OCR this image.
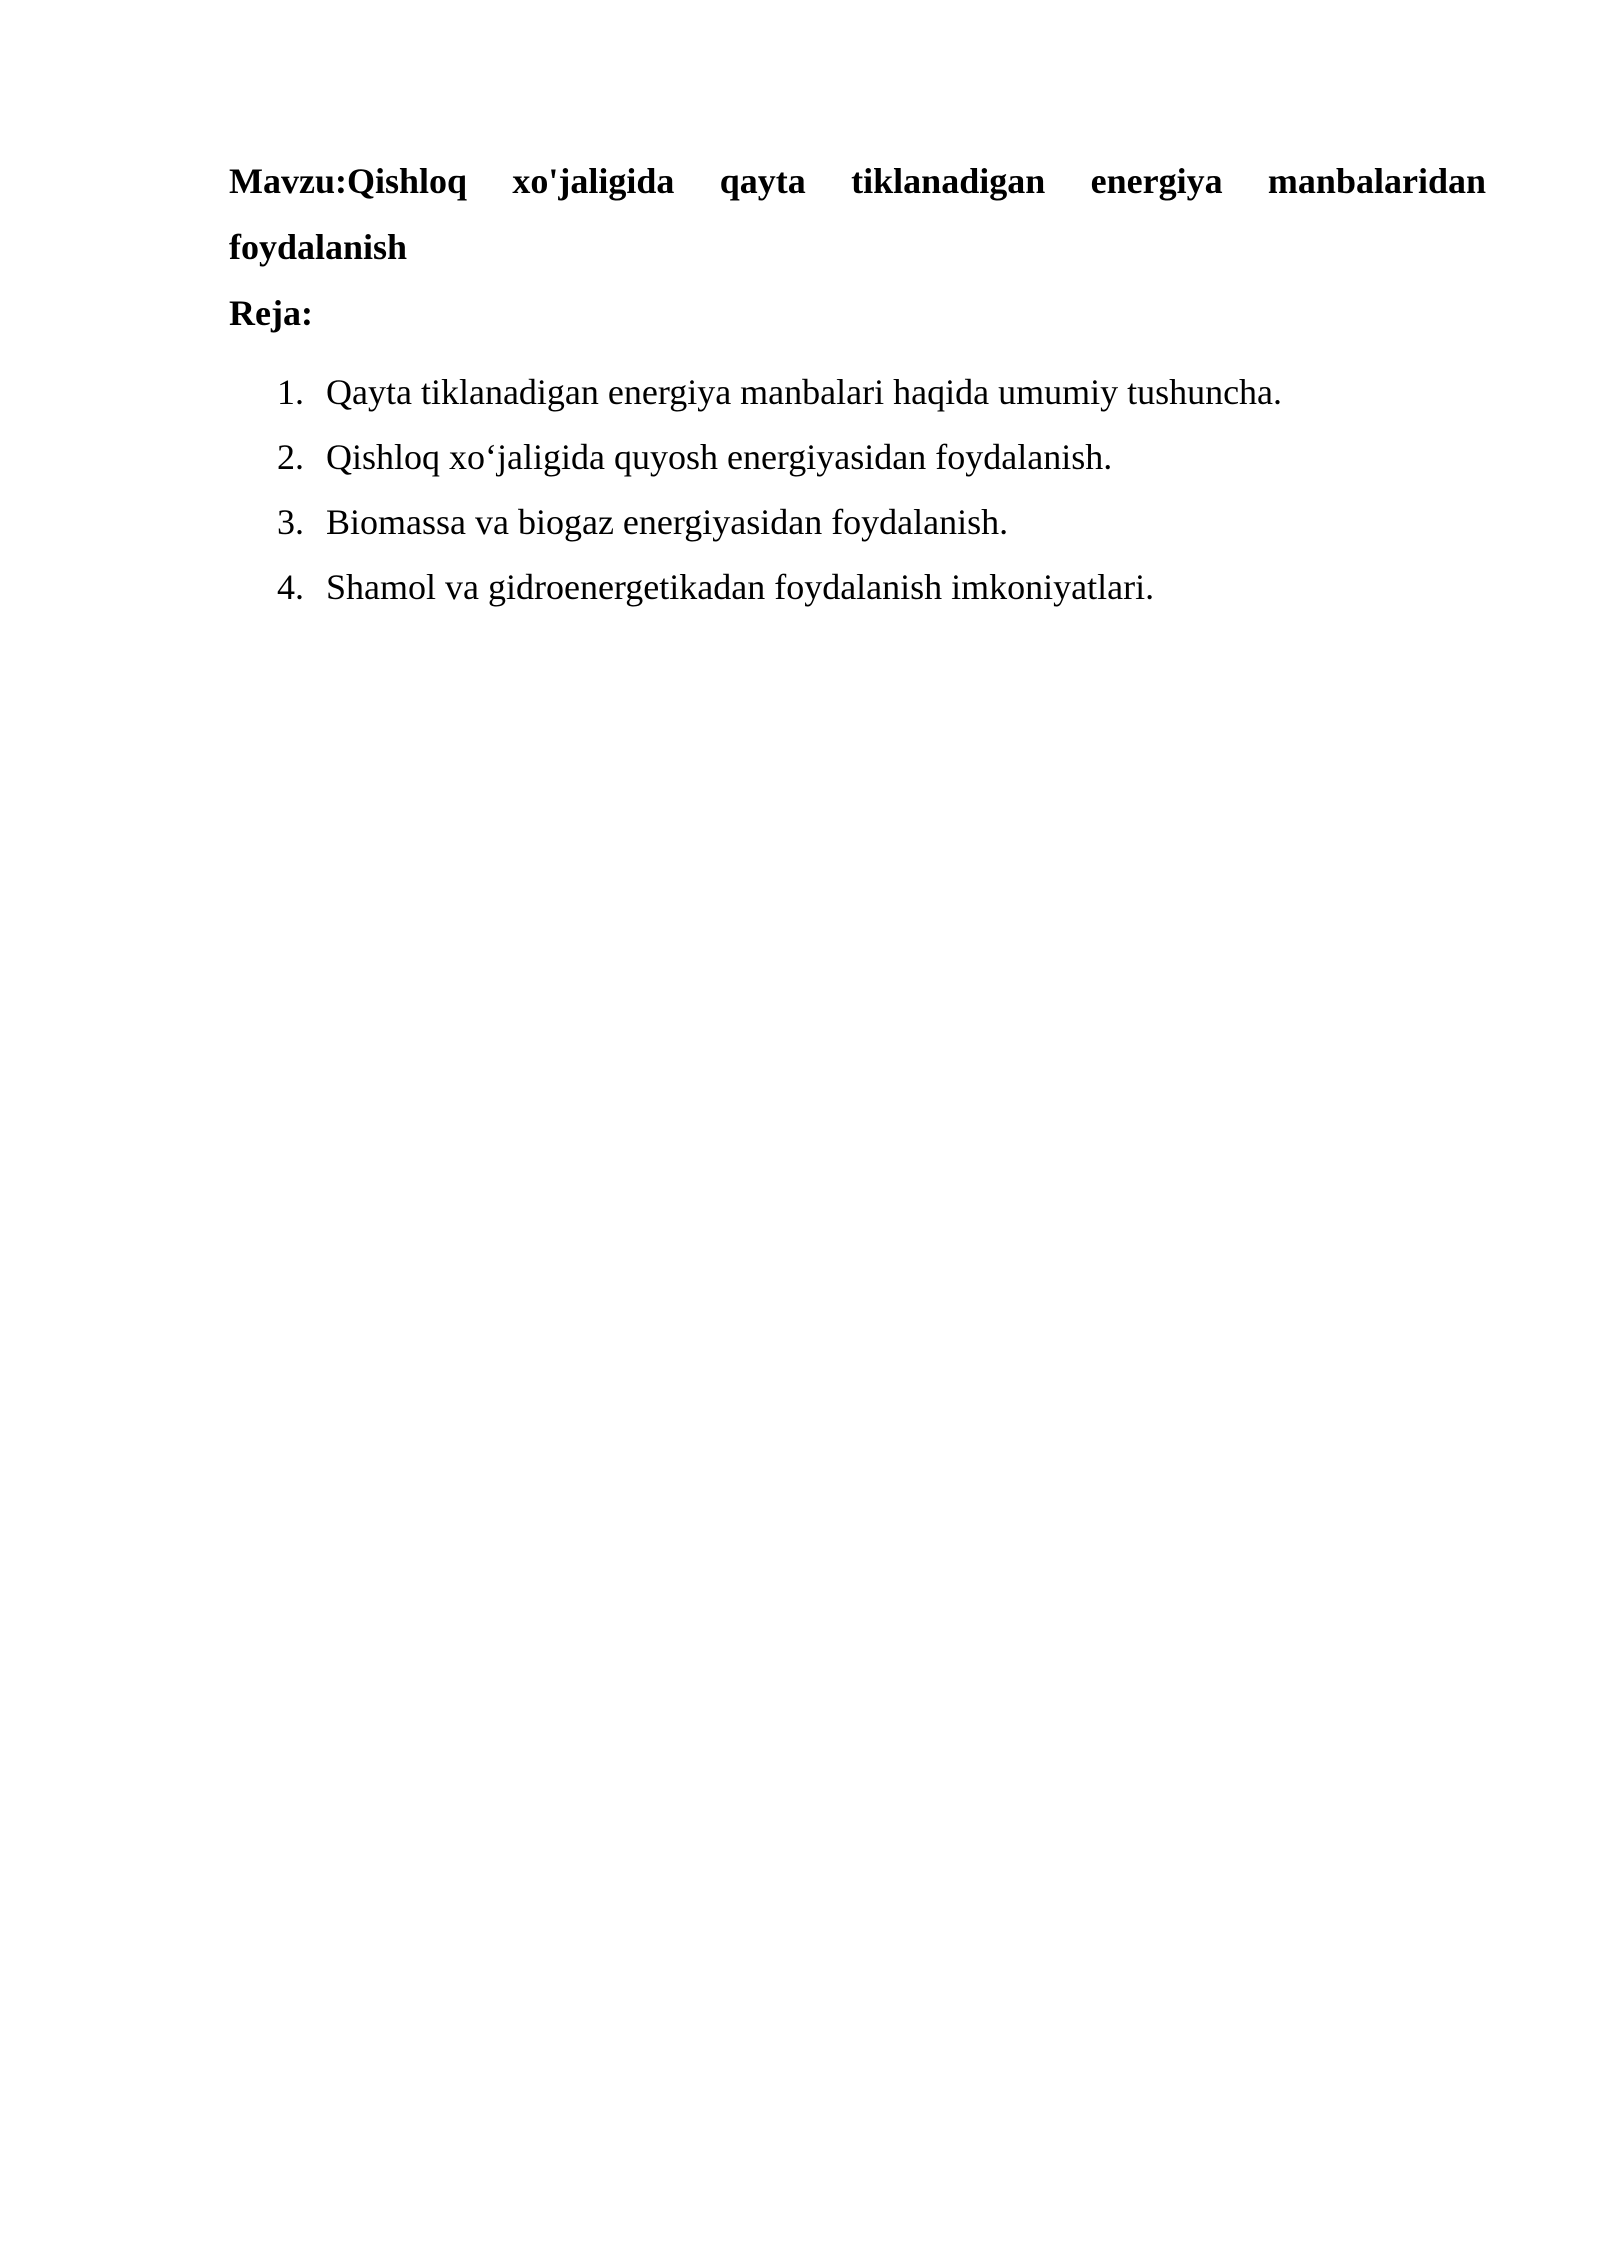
Mavzu:Qishloq xo'jaligida qayta tiklanadigan energiya manbalaridan foydalanish

Reja:

1. Qayta tiklanadigan energiya manbalari haqida umumiy tushuncha.
2. Qishloq xo‘jaligida quyosh energiyasidan foydalanish.
3. Biomassa va biogaz energiyasidan foydalanish.
4. Shamol va gidroenergetikadan foydalanish imkoniyatlari.
